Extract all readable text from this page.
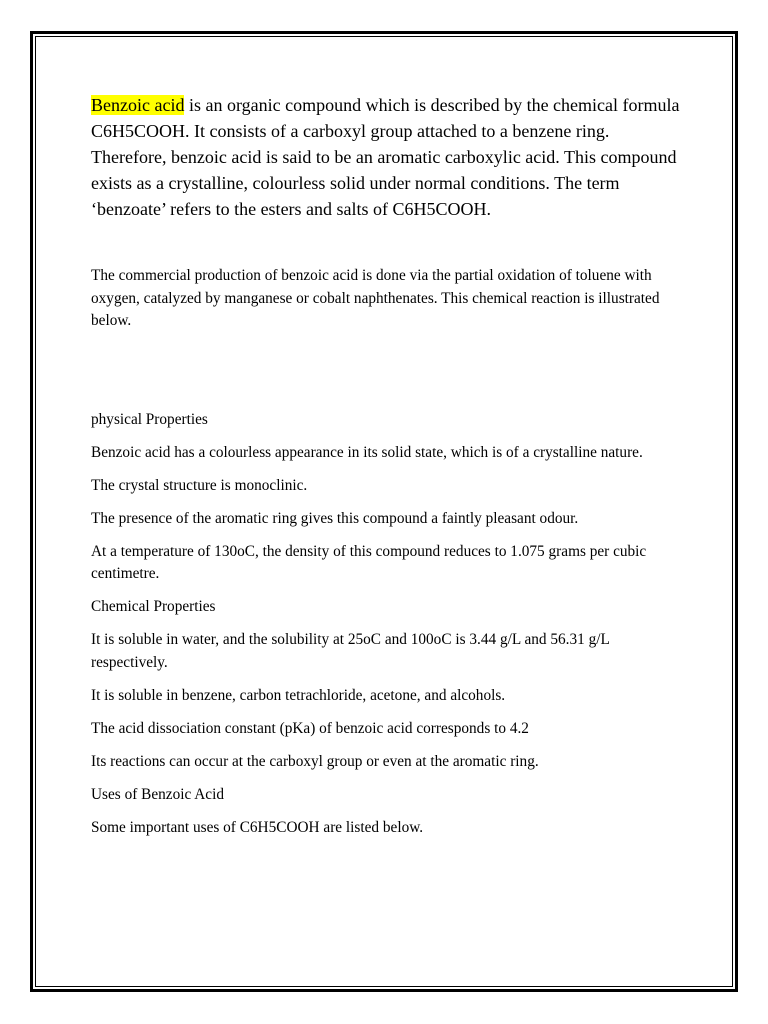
Benzoic acid is an organic compound which is described by the chemical formula C6H5COOH. It consists of a carboxyl group attached to a benzene ring. Therefore, benzoic acid is said to be an aromatic carboxylic acid. This compound exists as a crystalline, colourless solid under normal conditions. The term ‘benzoate’ refers to the esters and salts of C6H5COOH.

The commercial production of benzoic acid is done via the partial oxidation of toluene with oxygen, catalyzed by manganese or cobalt naphthenates. This chemical reaction is illustrated below.

physical Properties

Benzoic acid has a colourless appearance in its solid state, which is of a crystalline nature.

The crystal structure is monoclinic.

The presence of the aromatic ring gives this compound a faintly pleasant odour.

At a temperature of 130oC, the density of this compound reduces to 1.075 grams per cubic centimetre.

Chemical Properties

It is soluble in water, and the solubility at 25oC and 100oC is 3.44 g/L and 56.31 g/L respectively.

It is soluble in benzene, carbon tetrachloride, acetone, and alcohols.

The acid dissociation constant (pKa) of benzoic acid corresponds to 4.2

Its reactions can occur at the carboxyl group or even at the aromatic ring.

Uses of Benzoic Acid

Some important uses of C6H5COOH are listed below.
